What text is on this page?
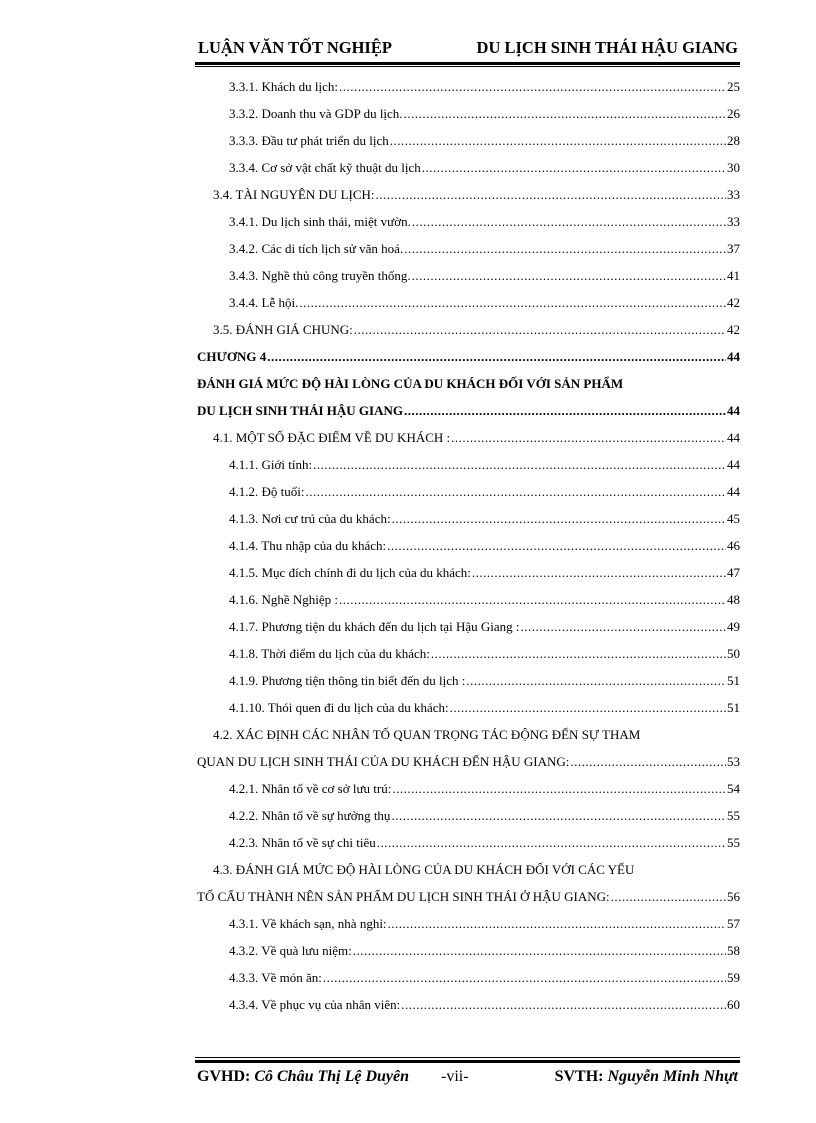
LUẬN VĂN TỐT NGHIỆP	DU LỊCH SINH THÁI HẬU GIANG
3.3.1. Khách du lịch: .....	25
3.3.2. Doanh thu và GDP du lịch. .....	26
3.3.3. Đầu tư phát triển du lịch .....	28
3.3.4. Cơ sở vật chất kỹ thuật du lịch .....	30
3.4. TÀI NGUYÊN DU LỊCH: .....	33
3.4.1. Du lịch sinh thái, miệt vườn. .....	33
3.4.2. Các di tích lịch sử văn hoá. .....	37
3.4.3. Nghề thủ công truyền thống. .....	41
3.4.4. Lễ hội. .....	42
3.5. ĐÁNH GIÁ CHUNG: .....	42
CHƯƠNG 4 .....	44
ĐÁNH GIÁ MỨC ĐỘ HÀI LÒNG CỦA DU KHÁCH ĐỐI VỚI SẢN PHẨM
DU LỊCH SINH THÁI HẬU GIANG .....	44
4.1. MỘT SỐ ĐẶC ĐIỂM VỀ DU KHÁCH : .....	44
4.1.1. Giới tính: .....	44
4.1.2. Độ tuổi: .....	44
4.1.3. Nơi cư trú của du khách: .....	45
4.1.4. Thu nhập của du khách: .....	46
4.1.5. Mục đích chính đi du lịch của du khách: .....	47
4.1.6. Nghề Nghiệp : .....	48
4.1.7. Phương tiện du khách đến du lịch tại Hậu Giang : .....	49
4.1.8. Thời điểm du lịch của du khách: .....	50
4.1.9. Phương tiện thông tin biết đến du lịch : .....	51
4.1.10. Thói quen đi du lịch của du khách: .....	51
4.2. XÁC ĐỊNH CÁC NHÂN TỐ QUAN TRỌNG TÁC ĐỘNG ĐẾN SỰ THAM
QUAN DU LỊCH SINH THÁI CỦA DU KHÁCH ĐẾN HẬU GIANG: .....	53
4.2.1. Nhân tố về cơ sở lưu trú: .....	54
4.2.2. Nhân tố về sự hưởng thụ .....	55
4.2.3. Nhân tố về sự chi tiêu .....	55
4.3. ĐÁNH GIÁ MỨC ĐỘ HÀI LÒNG CỦA DU KHÁCH ĐỐI VỚI CÁC YẾU
TỐ CẤU THÀNH NÊN SẢN PHẨM DU LỊCH SINH THÁI Ở HẬU GIANG: .....	56
4.3.1. Về khách sạn, nhà nghỉ: .....	57
4.3.2. Về quà lưu niệm: .....	58
4.3.3. Về món ăn: .....	59
4.3.4. Về phục vụ của nhân viên: .....	60
GVHD: Cô Châu Thị Lệ Duyên -vii-	SVTH: Nguyễn Minh Nhựt
